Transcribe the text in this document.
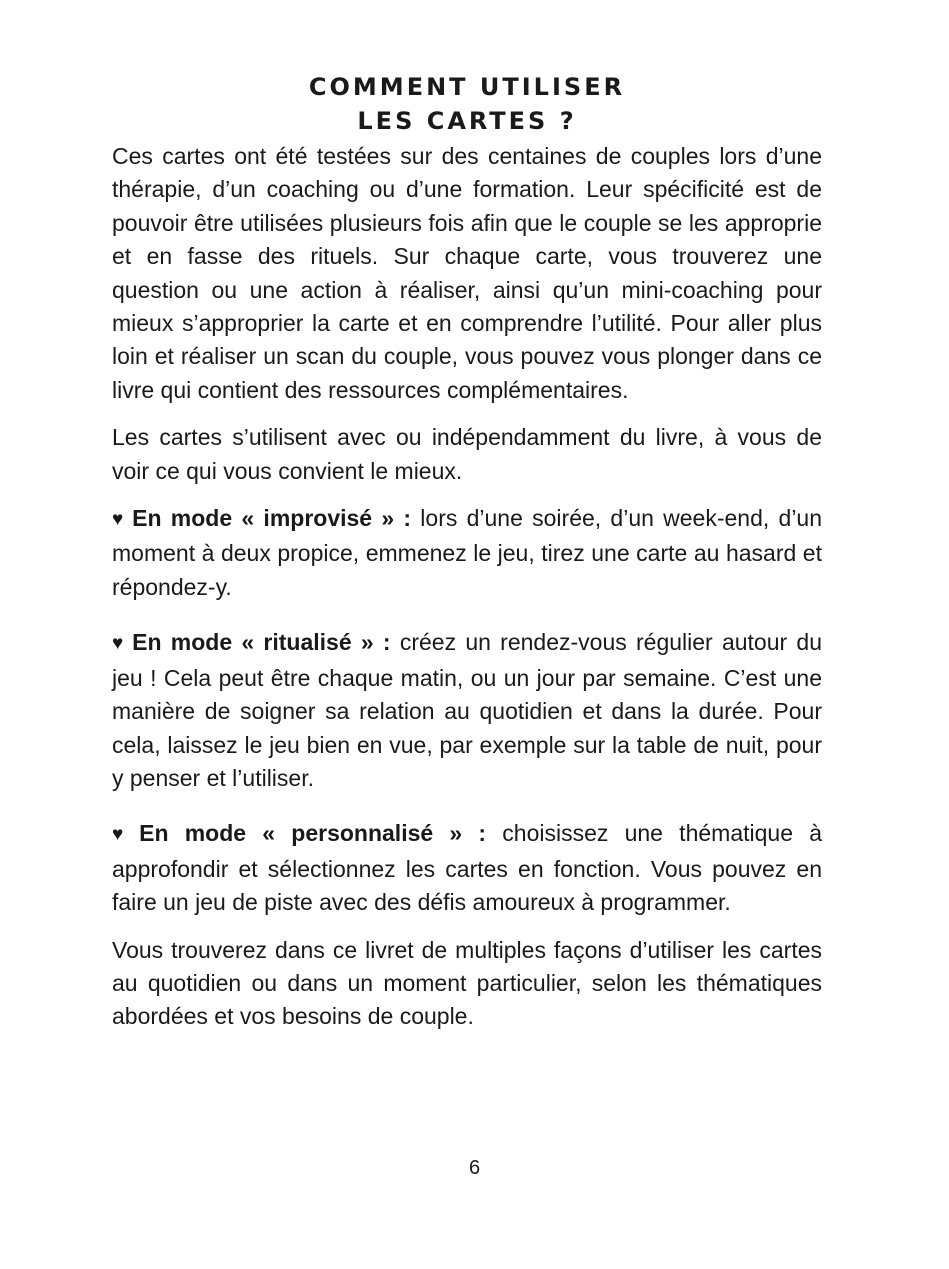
COMMENT UTILISER
LES CARTES ?

Ces cartes ont été testées sur des centaines de couples lors d’une thérapie, d’un coaching ou d’une formation. Leur spécificité est de pouvoir être utilisées plusieurs fois afin que le couple se les approprie et en fasse des rituels. Sur chaque carte, vous trouverez une question ou une action à réaliser, ainsi qu’un mini-coaching pour mieux s’approprier la carte et en comprendre l’utilité. Pour aller plus loin et réaliser un scan du couple, vous pouvez vous plonger dans ce livre qui contient des ressources complémentaires.

Les cartes s’utilisent avec ou indépendamment du livre, à vous de voir ce qui vous convient le mieux.

♥ En mode « improvisé » : lors d’une soirée, d’un week-end, d’un moment à deux propice, emmenez le jeu, tirez une carte au hasard et répondez-y.

♥ En mode « ritualisé » : créez un rendez-vous régulier autour du jeu ! Cela peut être chaque matin, ou un jour par semaine. C’est une manière de soigner sa relation au quotidien et dans la durée. Pour cela, laissez le jeu bien en vue, par exemple sur la table de nuit, pour y penser et l’utiliser.

♥ En mode « personnalisé » : choisissez une thématique à approfondir et sélectionnez les cartes en fonction. Vous pouvez en faire un jeu de piste avec des défis amoureux à programmer.

Vous trouverez dans ce livret de multiples façons d’utiliser les cartes au quotidien ou dans un moment particulier, selon les thématiques abordées et vos besoins de couple.

6
